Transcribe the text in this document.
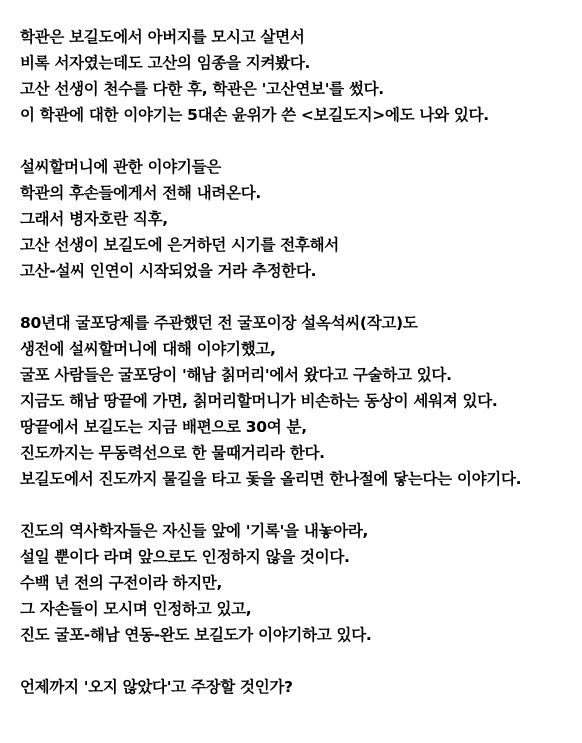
학관은 보길도에서 아버지를 모시고 살면서
비록 서자였는데도 고산의 임종을 지켜봤다.
고산 선생이 천수를 다한 후, 학관은 '고산연보'를 썼다.
이 학관에 대한 이야기는 5대손 윤위가 쓴 <보길도지>에도 나와 있다.
설씨할머니에 관한 이야기들은
학관의 후손들에게서 전해 내려온다.
그래서 병자호란 직후,
고산 선생이 보길도에 은거하던 시기를 전후해서
고산-설씨 인연이 시작되었을 거라 추정한다.
80년대 굴포당제를 주관했던 전 굴포이장 설옥석씨(작고)도
생전에 설씨할머니에 대해 이야기했고,
굴포 사람들은 굴포당이 '해남 칡머리'에서 왔다고 구술하고 있다.
지금도 해남 땅끝에 가면, 칡머리할머니가 비손하는 동상이 세워져 있다.
땅끝에서 보길도는 지금 배편으로 30여 분,
진도까지는 무동력선으로 한 물때거리라 한다.
보길도에서 진도까지 물길을 타고 돛을 올리면 한나절에 닿는다는 이야기다.
진도의 역사학자들은 자신들 앞에 '기록'을 내놓아라,
설일 뿐이다 라며 앞으로도 인정하지 않을 것이다.
수백 년 전의 구전이라 하지만,
그 자손들이 모시며 인정하고 있고,
진도 굴포-해남 연동-완도 보길도가 이야기하고 있다.
언제까지 '오지 않았다'고 주장할 것인가?
